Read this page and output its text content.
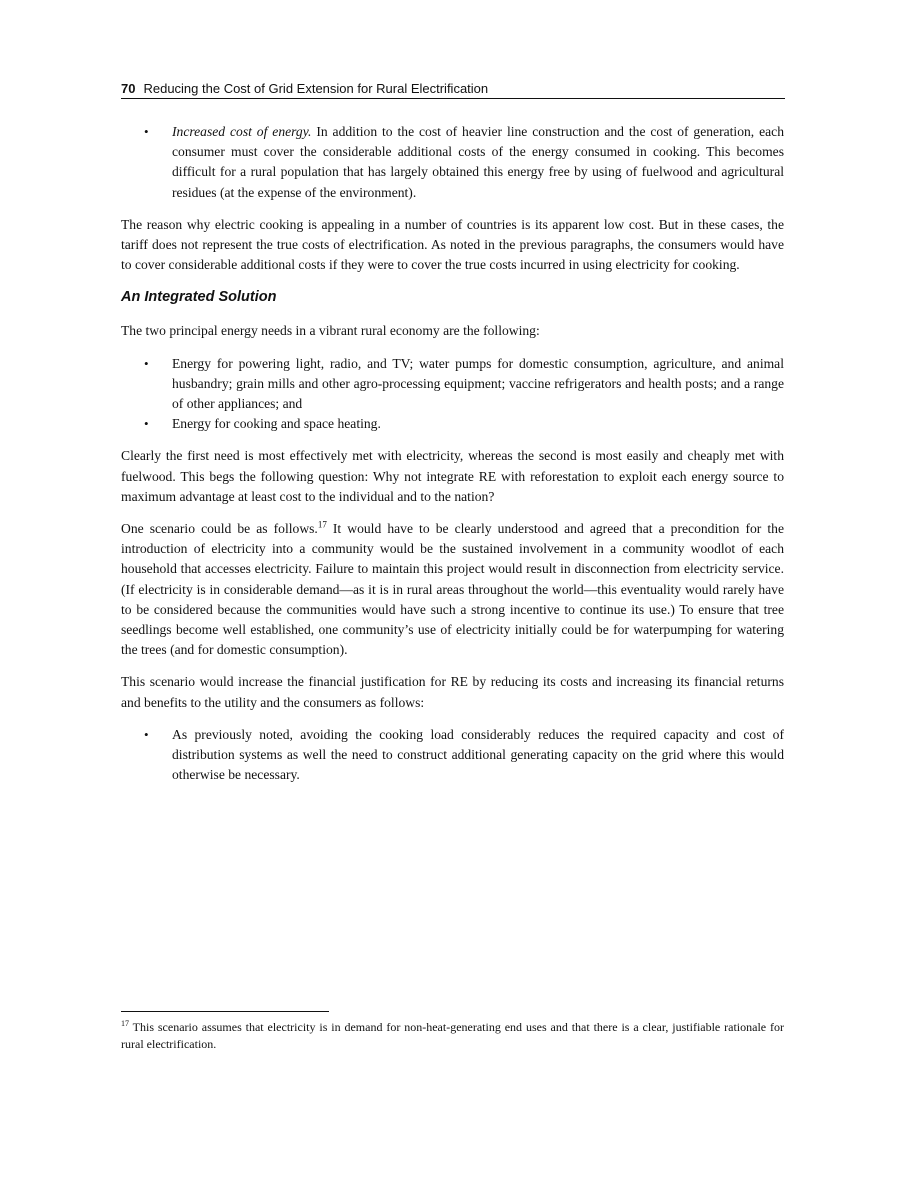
70 Reducing the Cost of Grid Extension for Rural Electrification
• Increased cost of energy. In addition to the cost of heavier line construction and the cost of generation, each consumer must cover the considerable additional costs of the energy consumed in cooking. This becomes difficult for a rural population that has largely obtained this energy free by using of fuelwood and agricultural residues (at the expense of the environment).

The reason why electric cooking is appealing in a number of countries is its apparent low cost. But in these cases, the tariff does not represent the true costs of electrification. As noted in the previous paragraphs, the consumers would have to cover considerable additional costs if they were to cover the true costs incurred in using electricity for cooking.

An Integrated Solution

The two principal energy needs in a vibrant rural economy are the following:

• Energy for powering light, radio, and TV; water pumps for domestic consumption, agriculture, and animal husbandry; grain mills and other agro-processing equipment; vaccine refrigerators and health posts; and a range of other appliances; and
• Energy for cooking and space heating.

Clearly the first need is most effectively met with electricity, whereas the second is most easily and cheaply met with fuelwood. This begs the following question: Why not integrate RE with reforestation to exploit each energy source to maximum advantage at least cost to the individual and to the nation?

One scenario could be as follows.$^{17}$ It would have to be clearly understood and agreed that a precondition for the introduction of electricity into a community would be the sustained involvement in a community woodlot of each household that accesses electricity. Failure to maintain this project would result in disconnection from electricity service. (If electricity is in considerable demand—as it is in rural areas throughout the world—this eventuality would rarely have to be considered because the communities would have such a strong incentive to continue its use.) To ensure that tree seedlings become well established, one community’s use of electricity initially could be for waterpumping for watering the trees (and for domestic consumption).

This scenario would increase the financial justification for RE by reducing its costs and increasing its financial returns and benefits to the utility and the consumers as follows:

• As previously noted, avoiding the cooking load considerably reduces the required capacity and cost of distribution systems as well the need to construct additional generating capacity on the grid where this would otherwise be necessary.
$^{17}$ This scenario assumes that electricity is in demand for non-heat-generating end uses and that there is a clear, justifiable rationale for rural electrification.
